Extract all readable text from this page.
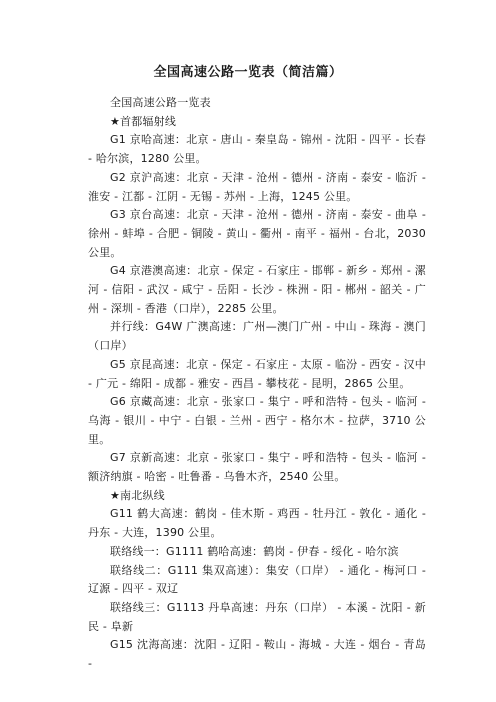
全国高速公路一览表（简洁篇）

全国高速公路一览表

★首都辐射线

G1 京哈高速：北京 - 唐山 - 秦皇岛 - 锦州 - 沈阳 - 四平 - 长春 - 哈尔滨，1280 公里。

G2 京沪高速：北京 - 天津 - 沧州 - 德州 - 济南 - 泰安 - 临沂 - 淮安 - 江都 - 江阴 - 无锡 - 苏州 - 上海，1245 公里。

G3 京台高速：北京 - 天津 - 沧州 - 德州 - 济南 - 泰安 - 曲阜 - 徐州 - 蚌埠 - 合肥 - 铜陵 - 黄山 - 衢州 - 南平 - 福州 - 台北，2030 公里。

G4 京港澳高速：北京 - 保定 - 石家庄 - 邯郸 - 新乡 - 郑州 - 漯河 - 信阳 - 武汉 - 咸宁 - 岳阳 - 长沙 - 株洲 - 阳 - 郴州 - 韶关 - 广州 - 深圳 - 香港（口岸），2285 公里。

并行线：G4W 广澳高速：广州—澳门广州 - 中山 - 珠海 - 澳门（口岸）

G5 京昆高速：北京 - 保定 - 石家庄 - 太原 - 临汾 - 西安 - 汉中 - 广元 - 绵阳 - 成都 - 雅安 - 西昌 - 攀枝花 - 昆明，2865 公里。

G6 京藏高速：北京 - 张家口 - 集宁 - 呼和浩特 - 包头 - 临河 - 乌海 - 银川 - 中宁 - 白银 - 兰州 - 西宁 - 格尔木 - 拉萨，3710 公里。

G7 京新高速：北京 - 张家口 - 集宁 - 呼和浩特 - 包头 - 临河 - 额济纳旗 - 哈密 - 吐鲁番 - 乌鲁木齐，2540 公里。

★南北纵线

G11 鹤大高速：鹤岗 - 佳木斯 - 鸡西 - 牡丹江 - 敦化 - 通化 - 丹东 - 大连，1390 公里。

联络线一：G1111 鹤哈高速：鹤岗 - 伊春 - 绥化 - 哈尔滨

联络线二：G111 集双高速）：集安（口岸） - 通化 - 梅河口 - 辽源 - 四平 - 双辽

联络线三：G1113 丹阜高速：丹东（口岸） - 本溪 - 沈阳 - 新民 - 阜新

G15 沈海高速：沈阳 - 辽阳 - 鞍山 - 海城 - 大连 - 烟台 - 青岛 -
